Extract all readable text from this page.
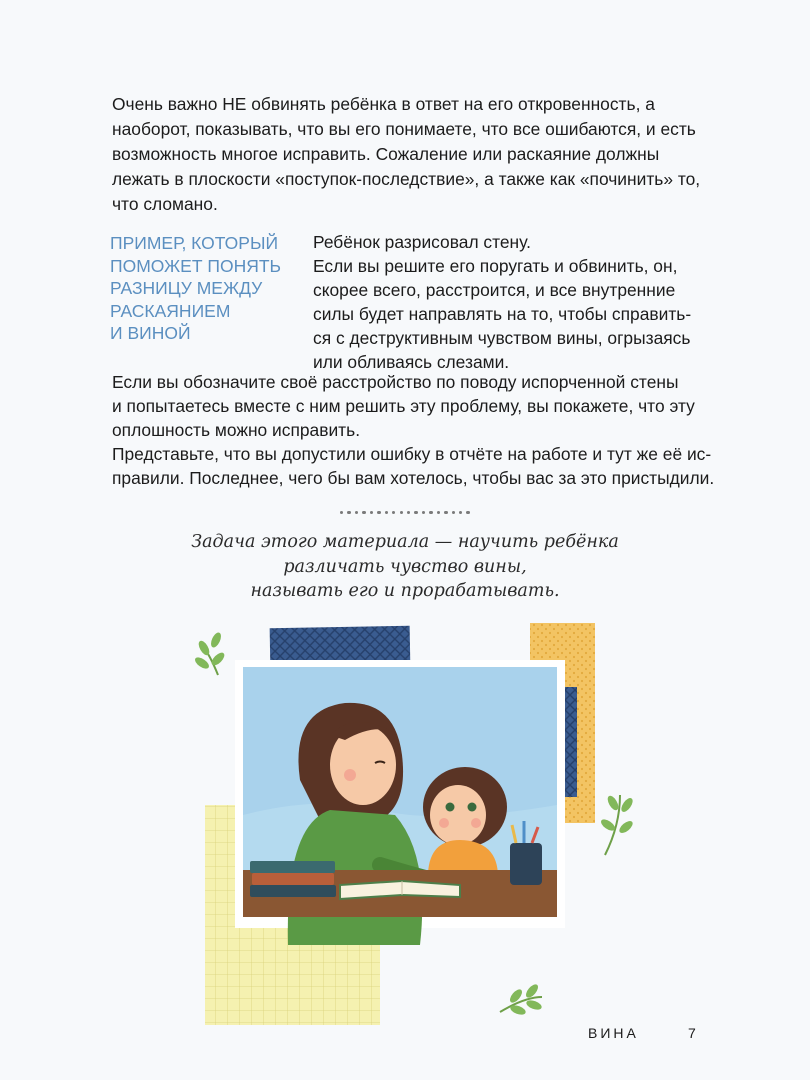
Очень важно НЕ обвинять ребёнка в ответ на его откровенность, а наоборот, показывать, что вы его понимаете, что все ошибаются, и есть возможность многое исправить. Сожаление или раскаяние должны лежать в плоскости «поступок-последствие», а также как «починить» то, что сломано.
ПРИМЕР, КОТОРЫЙ
ПОМОЖЕТ ПОНЯТЬ
РАЗНИЦУ МЕЖДУ
РАСКАЯНИЕМ
И ВИНОЙ
Ребёнок разрисовал стену.
Если вы решите его поругать и обвинить, он,
скорее всего, расстроится, и все внутренние
силы будет направлять на то, чтобы справить-
ся с деструктивным чувством вины, огрызаясь
или обливаясь слезами.
Если вы обозначите своё расстройство по поводу испорченной стены
и попытаетесь вместе с ним решить эту проблему, вы покажете, что эту
оплошность можно исправить.
Представьте, что вы допустили ошибку в отчёте на работе и тут же её ис-
правили. Последнее, чего бы вам хотелось, чтобы вас за это пристыдили.
Задача этого материала — научить ребёнка
различать чувство вины,
называть его и прорабатывать.
ВИНА	7
